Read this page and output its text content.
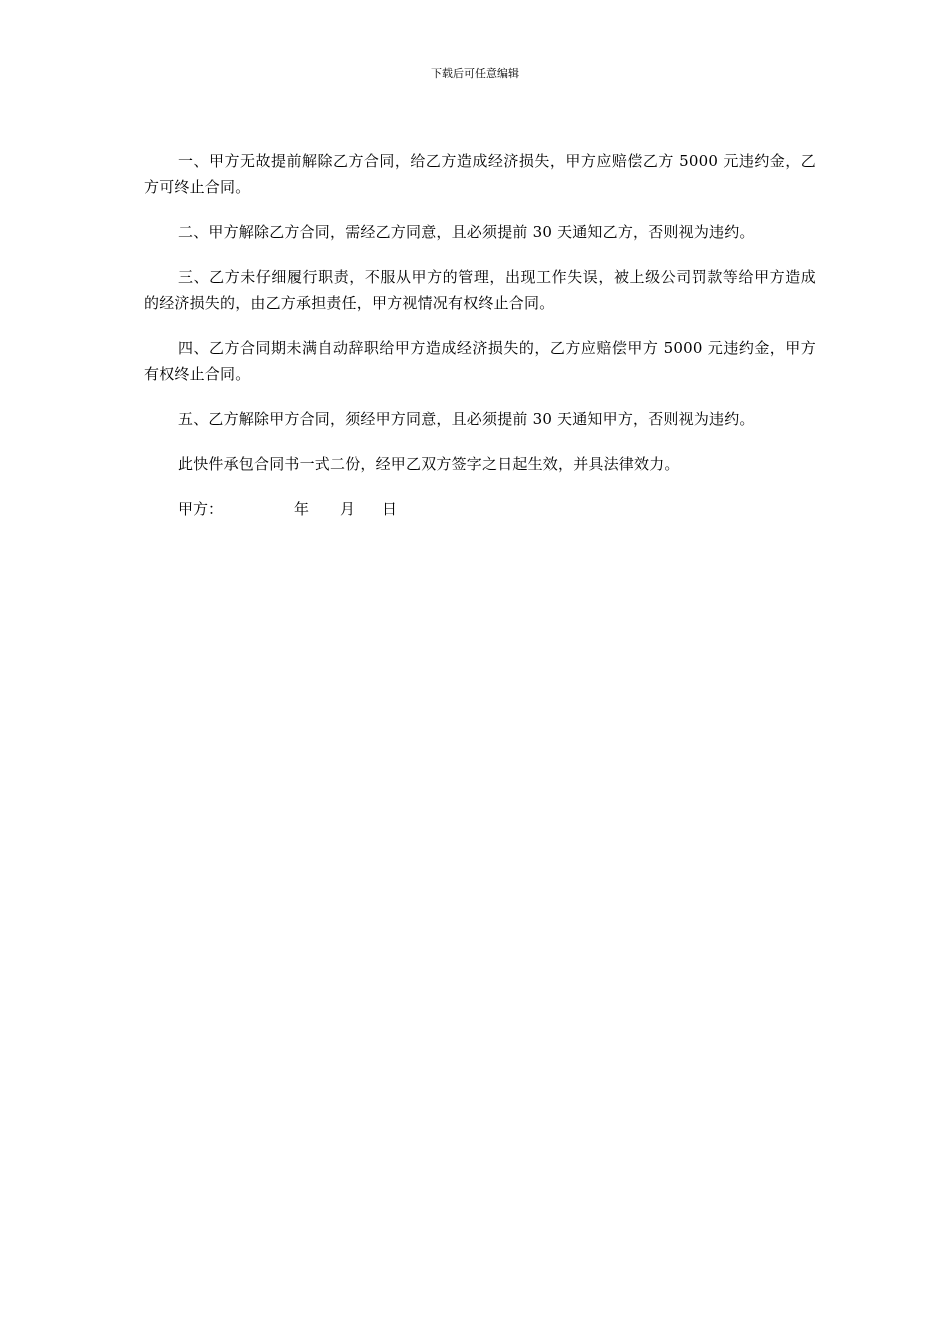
下载后可任意编辑

一、甲方无故提前解除乙方合同，给乙方造成经济损失，甲方应赔偿乙方 5000 元违约金，乙方可终止合同。

二、甲方解除乙方合同，需经乙方同意，且必须提前 30 天通知乙方，否则视为违约。

三、乙方未仔细履行职责，不服从甲方的管理，出现工作失误，被上级公司罚款等给甲方造成的经济损失的，由乙方承担责任，甲方视情况有权终止合同。

四、乙方合同期未满自动辞职给甲方造成经济损失的，乙方应赔偿甲方 5000 元违约金，甲方有权终止合同。

五、乙方解除甲方合同，须经甲方同意，且必须提前 30 天通知甲方，否则视为违约。

此快件承包合同书一式二份，经甲乙双方签字之日起生效，并具法律效力。

甲方：	年 月 日
